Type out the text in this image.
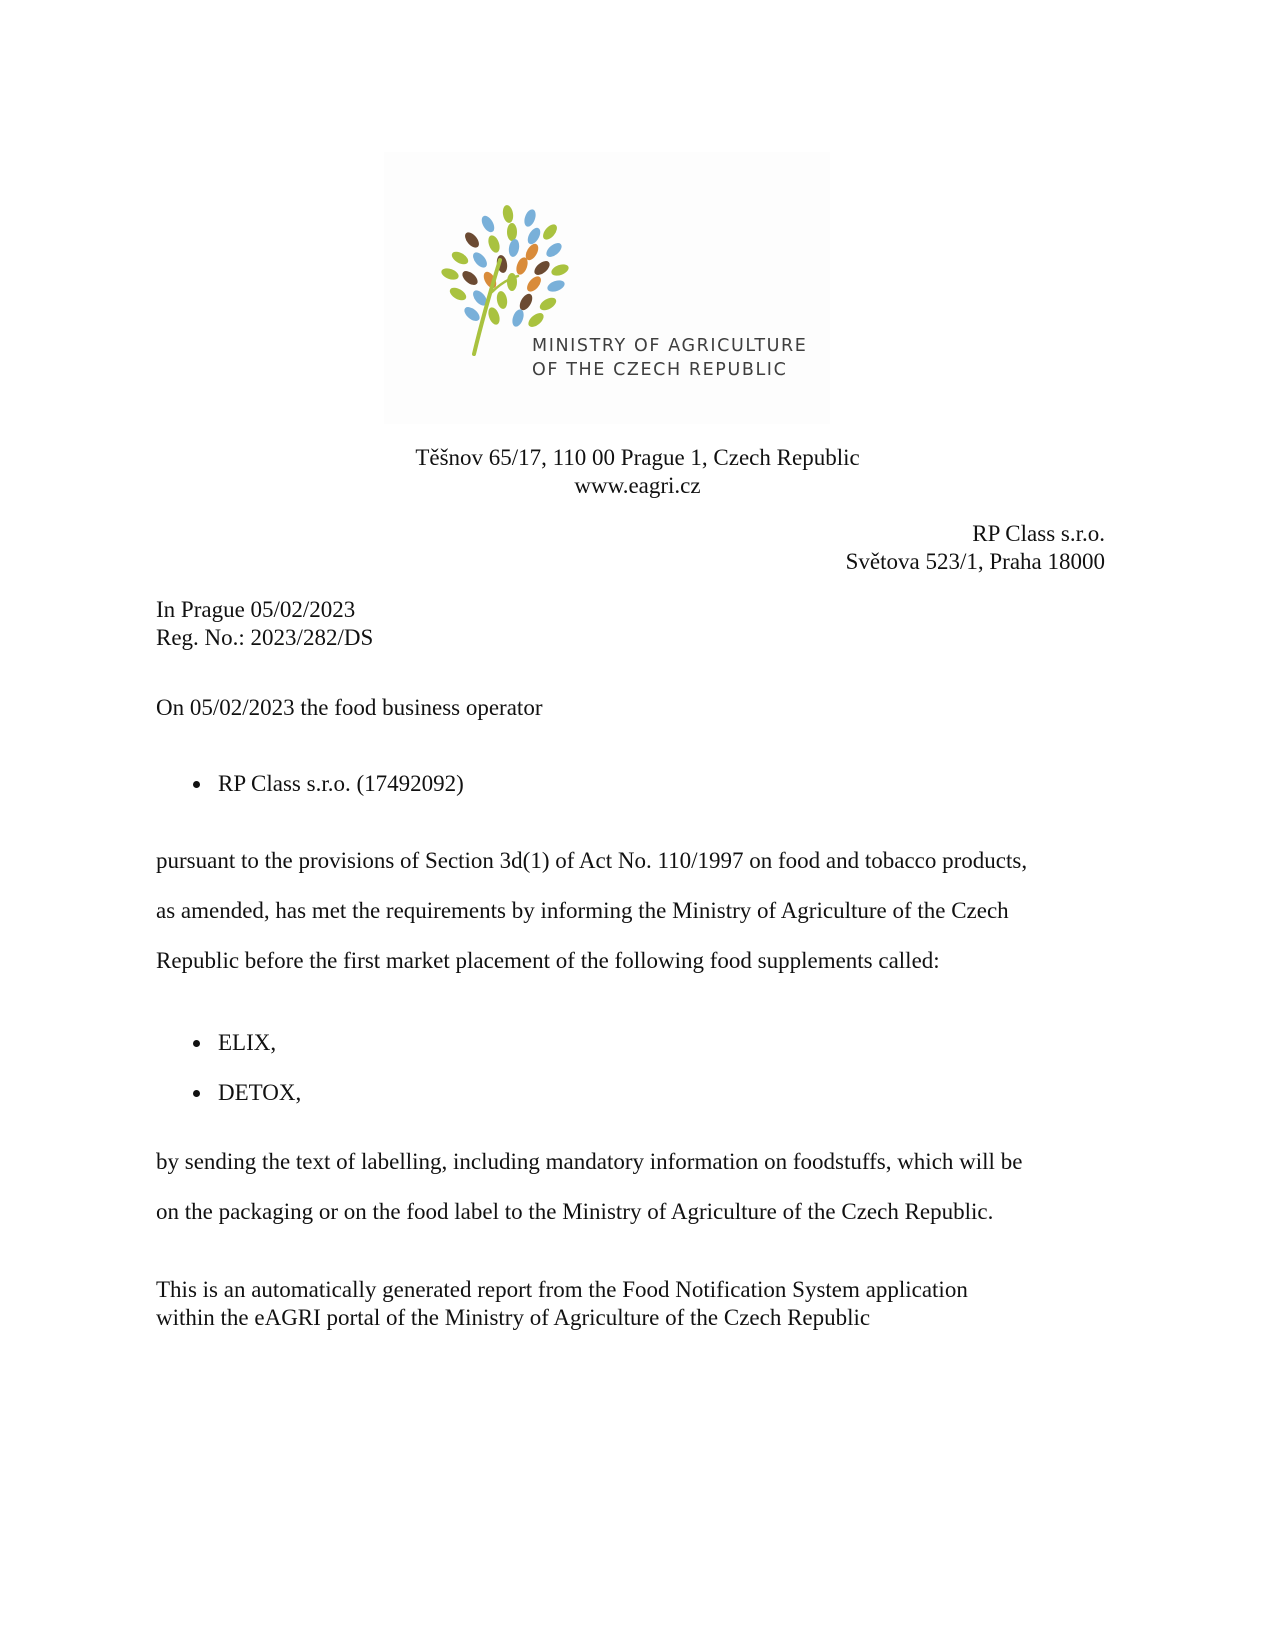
MINISTRY OF AGRICULTURE
OF THE CZECH REPUBLIC
Těšnov 65/17, 110 00 Prague 1, Czech Republic
www.eagri.cz
RP Class s.r.o.
Světova 523/1, Praha 18000
In Prague 05/02/2023
Reg. No.: 2023/282/DS
On 05/02/2023 the food business operator
RP Class s.r.o. (17492092)
pursuant to the provisions of Section 3d(1) of Act No. 110/1997 on food and tobacco products,
as amended, has met the requirements by informing the Ministry of Agriculture of the Czech
Republic before the first market placement of the following food supplements called:
ELIX,
DETOX,
by sending the text of labelling, including mandatory information on foodstuffs, which will be
on the packaging or on the food label to the Ministry of Agriculture of the Czech Republic.
This is an automatically generated report from the Food Notification System application
within the eAGRI portal of the Ministry of Agriculture of the Czech Republic
